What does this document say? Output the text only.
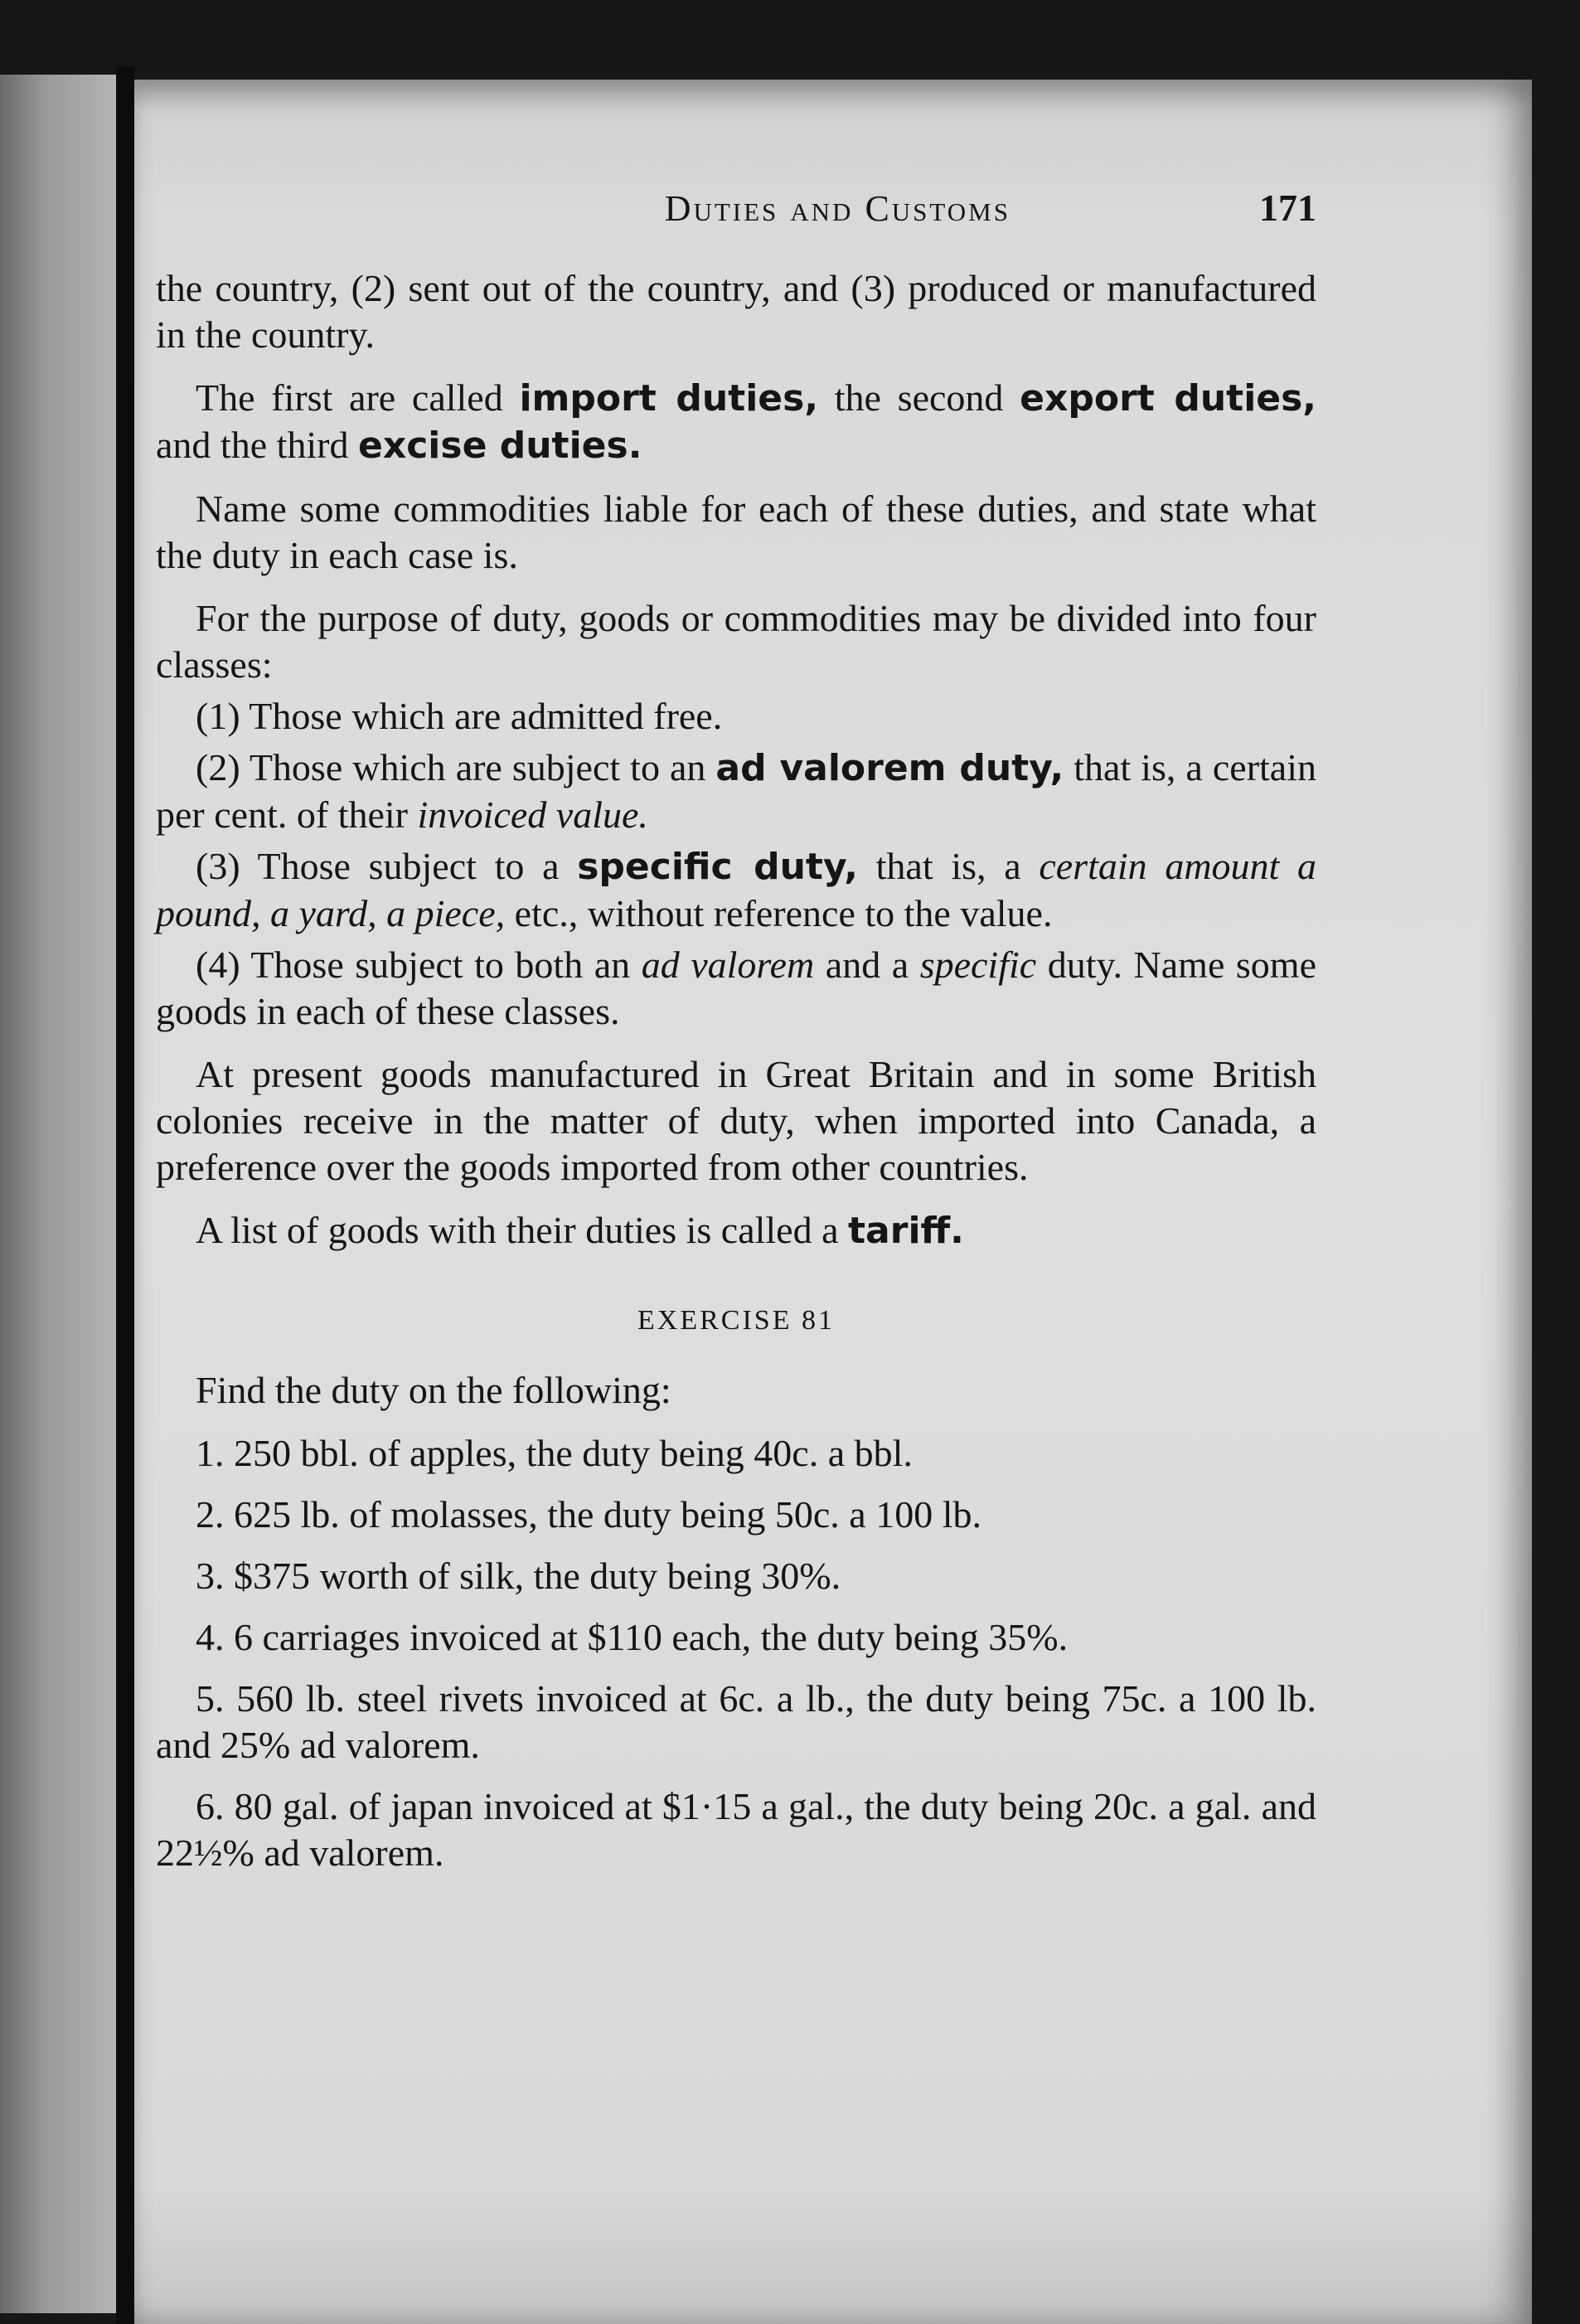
Duties and Customs	171

the country, (2) sent out of the country, and (3) produced or manufactured in the country.

The first are called import duties, the second export duties, and the third excise duties.

Name some commodities liable for each of these duties, and state what the duty in each case is.

For the purpose of duty, goods or commodities may be divided into four classes:

(1) Those which are admitted free.

(2) Those which are subject to an ad valorem duty, that is, a certain per cent. of their invoiced value.

(3) Those subject to a specific duty, that is, a certain amount a pound, a yard, a piece, etc., without reference to the value.

(4) Those subject to both an ad valorem and a specific duty. Name some goods in each of these classes.

At present goods manufactured in Great Britain and in some British colonies receive in the matter of duty, when imported into Canada, a preference over the goods imported from other countries.

A list of goods with their duties is called a tariff.

EXERCISE 81

Find the duty on the following:

1. 250 bbl. of apples, the duty being 40c. a bbl.

2. 625 lb. of molasses, the duty being 50c. a 100 lb.

3. $375 worth of silk, the duty being 30%.

4. 6 carriages invoiced at $110 each, the duty being 35%.

5. 560 lb. steel rivets invoiced at 6c. a lb., the duty being 75c. a 100 lb. and 25% ad valorem.

6. 80 gal. of japan invoiced at $1·15 a gal., the duty being 20c. a gal. and 22½% ad valorem.
